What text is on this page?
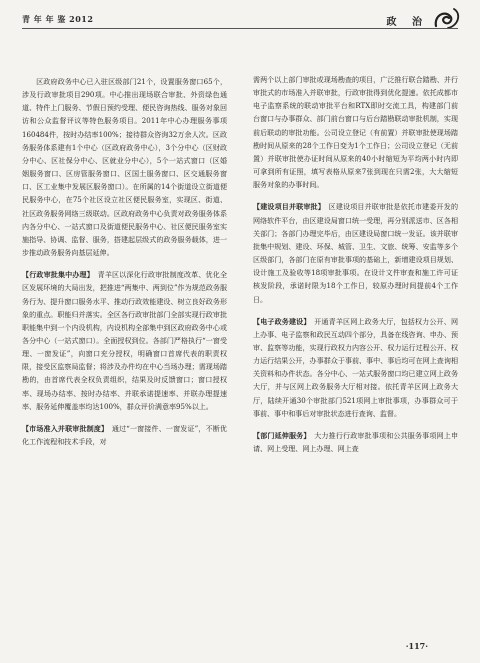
青 年 年 鉴 2012	政 治

区政府政务中心已入驻区级部门21个，设置服务窗口65个，涉及行政审批项目290项。中心推出现场联合审批、外资绿色通道、特件上门服务、节假日预约受理、便民咨询热线、服务对象回访和公众监督评议等特色服务项目。2011年中心办理服务事项160484件，按时办结率100%；接待群众咨询32万余人次。区政务服务体系建有1个中心（区政府政务中心），3个分中心（区财政分中心、区社保分中心、区就业分中心），5个一站式窗口（区婚姻服务窗口、区房管服务窗口、区国土服务窗口、区交通服务窗口、区工业集中发展区服务窗口）。在所属的14个街道设立街道便民服务中心，在75个社区设立社区便民服务室，实现区、街道、社区政务服务网络三级联动。区政府政务中心负责对政务服务体系内各分中心、一站式窗口及街道便民服务中心、社区便民服务室实施指导、协调、监督、服务，搭建起层级式的政务服务载体，进一步推动政务服务向基层延伸。

【行政审批集中办理】　青羊区以深化行政审批制度改革、优化全区发展环境的大局出发，把推进“两集中、两到位”作为规范政务服务行为、提升窗口服务水平、推动行政效能建设、树立良好政务形象的重点。职能归并落实。全区各行政审批部门全部实现行政审批职能集中到一个内设机构，内设机构全部集中到区政府政务中心或各分中心（一站式窗口）。全面授权到位。各部门严格执行“一窗受理、一窗发证”，向窗口充分授权，明确窗口首席代表的职责权限，接受区监察局监督；将涉及办件均在中心当场办理；需现场踏勘的，由首席代表全权负责组织，结果及时反馈窗口；窗口授权率、现场办结率、按时办结率、并联承诺提速率、并联办理提速率、服务延伸覆盖率均达100%，群众评价满意率95%以上。

【市场准入并联审批制度】　通过“一窗接件、一窗发证”，不断优化工作流程和技术手段，对

需两个以上部门审批或现场勘查的项目，广泛推行联合踏勘、并行审批式的市场准入并联审批，行政审批得到优化提速。依托成都市电子监察系统的联动审批平台和RTX即时交流工具，构建部门前台窗口与办事群众、部门前台窗口与后台踏勘联动审批机制，实现前后联动的审批功能。公司设立登记（有前置）并联审批使现场踏勘时间从原来的28个工作日变为1个工作日；公司设立登记（无前置）并联审批使办证时间从原来的40小时缩短为平均两小时内即可拿到所有证照，填写表格从原来7张到现在只需2张，大大缩短服务对象的办事时间。

【建设项目并联审批】　区建设项目并联审批是依托市建委开发的网络软件平台，由区建设局窗口统一受理，再分别派送市、区各相关部门；各部门办理完毕后，由区建设局窗口统一发证。该并联审批集中规划、建设、环保、城管、卫生、文旅、统筹、安监等多个区级部门，各部门在原有审批事项的基础上，新增建设项目规划、设计施工及验收等18项审批事项。在设计文件审查和施工许可证核发阶段，承诺时限为18个工作日，较原办理时间提前4个工作日。

【电子政务建设】　开通青羊区网上政务大厅，包括权力公开、网上办事、电子监察和政民互动四个部分，具备在线咨询、申办、预审、监察等功能，实现行政权力内容公开、权力运行过程公开、权力运行结果公开，办事群众于事前、事中、事后均可在网上查询相关资料和办件状态。各分中心、一站式服务窗口均已建立网上政务大厅，并与区网上政务服务大厅相对接。依托青羊区网上政务大厅，陆续开通30个审批部门521项网上审批事项，办事群众可于事前、事中和事后对审批状态进行查询、监督。

【部门延伸服务】　大力推行行政审批事项和公共服务事项网上申请、网上受理、网上办理、网上查

·117·
